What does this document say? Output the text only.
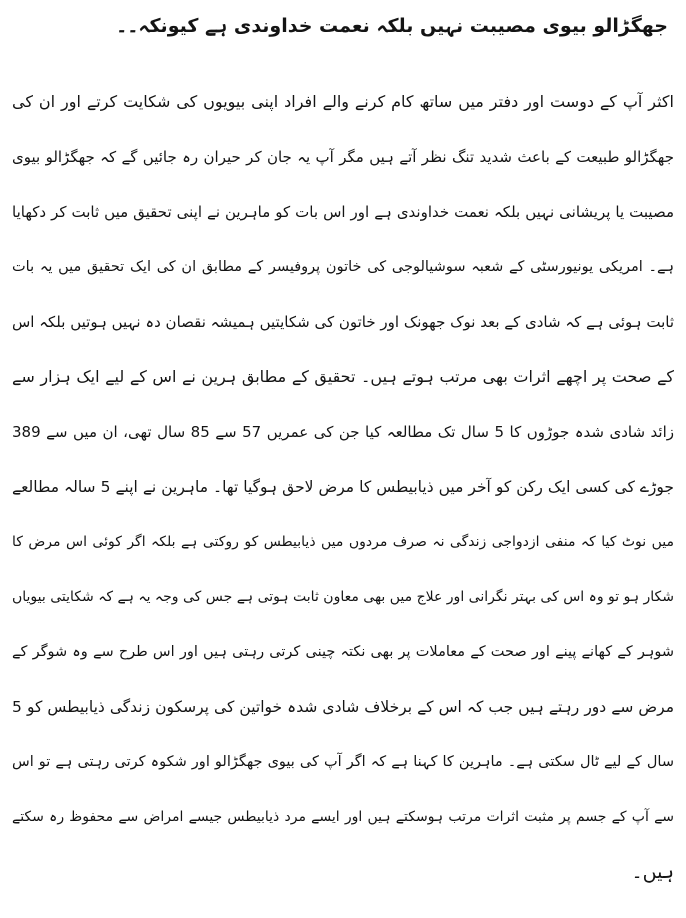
جھگڑالو بیوی مصیبت نہیں بلکہ نعمت خداوندی ہے کیونکہ۔۔
اکثر آپ کے دوست اور دفتر میں ساتھ کام کرنے والے افراد اپنی بیویوں کی شکایت کرتے اور ان کی
جھگڑالو طبیعت کے باعث شدید تنگ نظر آتے ہیں مگر آپ یہ جان کر حیران رہ جائیں گے کہ جھگڑالو بیوی
مصیبت یا پریشانی نہیں بلکہ نعمت خداوندی ہے اور اس بات کو ماہرین نے اپنی تحقیق میں ثابت کر دکھایا
ہے۔ امریکی یونیورسٹی کے شعبہ سوشیالوجی کی خاتون پروفیسر کے مطابق ان کی ایک تحقیق میں یہ بات
ثابت ہوئی ہے کہ شادی کے بعد نوک جھونک اور خاتون کی شکایتیں ہمیشہ نقصان دہ نہیں ہوتیں بلکہ اس
کے صحت پر اچھے اثرات بھی مرتب ہوتے ہیں۔ تحقیق کے مطابق ہرین نے اس کے لیے ایک ہزار سے
زائد شادی شدہ جوڑوں کا 5 سال تک مطالعہ کیا جن کی عمریں 57 سے 85 سال تھی، ان میں سے 389
جوڑے کی کسی ایک رکن کو آخر میں ذیابیطس کا مرض لاحق ہوگیا تھا۔ ماہرین نے اپنے 5 سالہ مطالعے
میں نوٹ کیا کہ منفی ازدواجی زندگی نہ صرف مردوں میں ذیابیطس کو روکتی ہے بلکہ اگر کوئی اس مرض کا
شکار ہو تو وہ اس کی بہتر نگرانی اور علاج میں بھی معاون ثابت ہوتی ہے جس کی وجہ یہ ہے کہ شکایتی بیویاں
شوہر کے کھانے پینے اور صحت کے معاملات پر بھی نکتہ چینی کرتی رہتی ہیں اور اس طرح سے وہ شوگر کے
مرض سے دور رہتے ہیں جب کہ اس کے برخلاف شادی شدہ خواتین کی پرسکون زندگی ذیابیطس کو 5
سال کے لیے ٹال سکتی ہے۔ ماہرین کا کہنا ہے کہ اگر آپ کی بیوی جھگڑالو اور شکوہ کرتی رہتی ہے تو اس
سے آپ کے جسم پر مثبت اثرات مرتب ہوسکتے ہیں اور ایسے مرد ذیابیطس جیسے امراض سے محفوظ رہ سکتے
ہیں۔
